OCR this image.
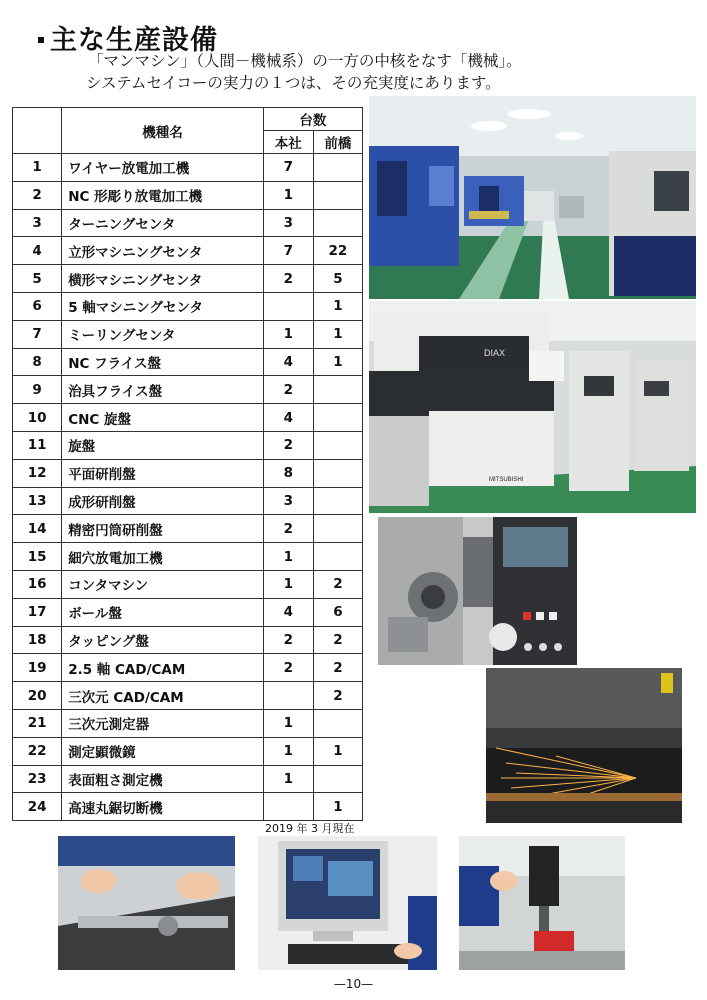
主な生産設備
「マンマシン」（人間－機械系）の一方の中核をなす「機械」。
システムセイコーの実力の１つは、その充実度にあります。
	機種名	台数	
		本社	前橋
1	ワイヤー放電加工機	7	
2	NC 形彫り放電加工機	1	
3	ターニングセンタ	3	
4	立形マシニングセンタ	7	22
5	横形マシニングセンタ	2	5
6	5 軸マシニングセンタ		1
7	ミーリングセンタ	1	1
8	NC フライス盤	4	1
9	治具フライス盤	2	
10	CNC 旋盤	4	
11	旋盤	2	
12	平面研削盤	8	
13	成形研削盤	3	
14	精密円筒研削盤	2	
15	細穴放電加工機	1	
16	コンタマシン	1	2
17	ボール盤	4	6
18	タッピング盤	2	2
19	2.5 軸 CAD/CAM	2	2
20	三次元 CAD/CAM		2
21	三次元測定器	1	
22	測定顕微鏡	1	1
23	表面粗さ測定機	1	
24	高速丸鋸切断機		1
2019 年 3 月現在
DIAX
MITSUBISHI
—10—
